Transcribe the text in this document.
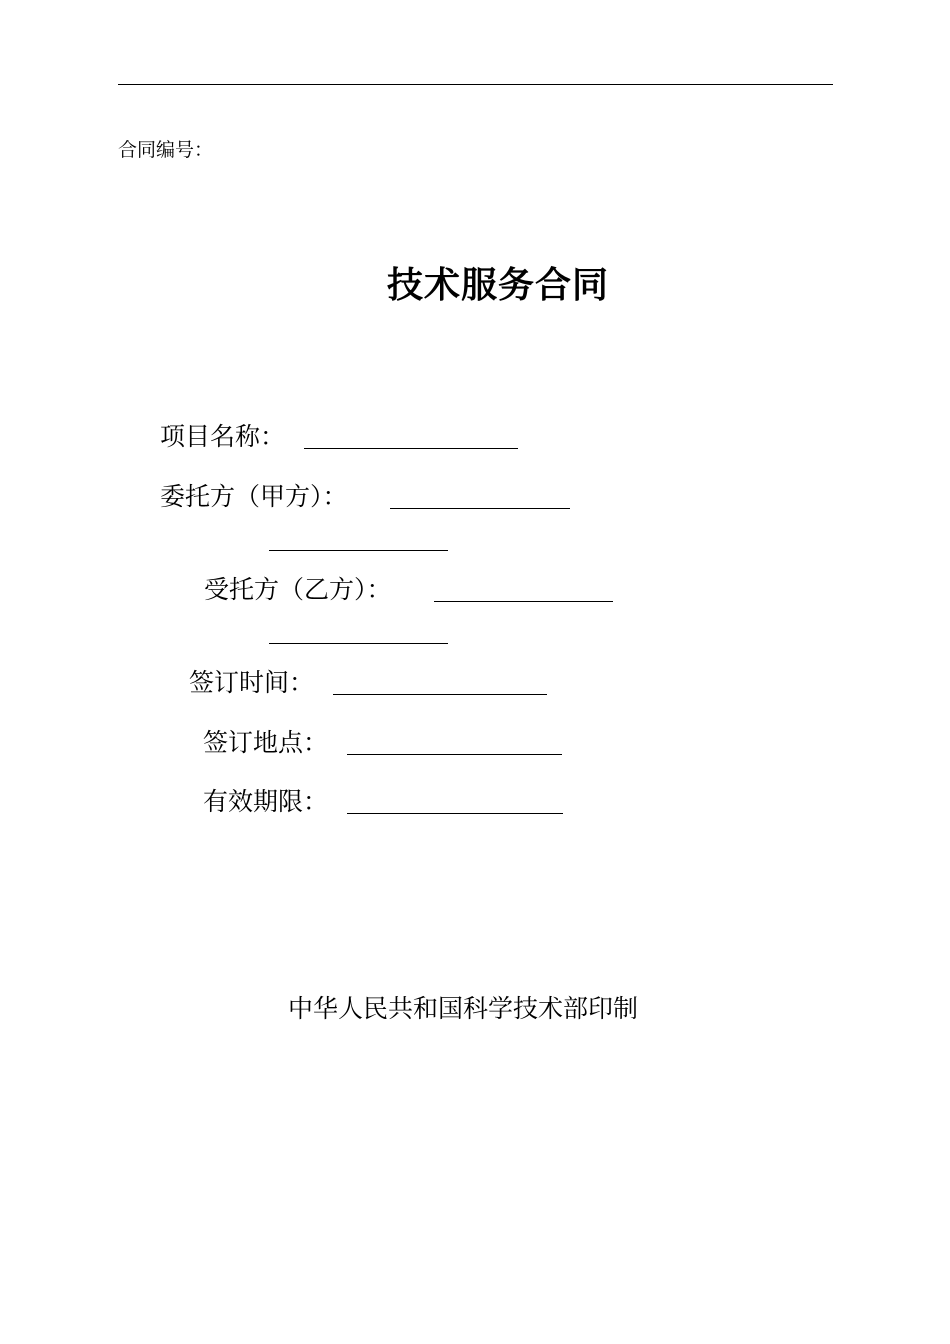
合同编号：
技术服务合同
项目名称：
委托方（甲方）：
受托方（乙方）：
签订时间：
签订地点：
有效期限：
中华人民共和国科学技术部印制
